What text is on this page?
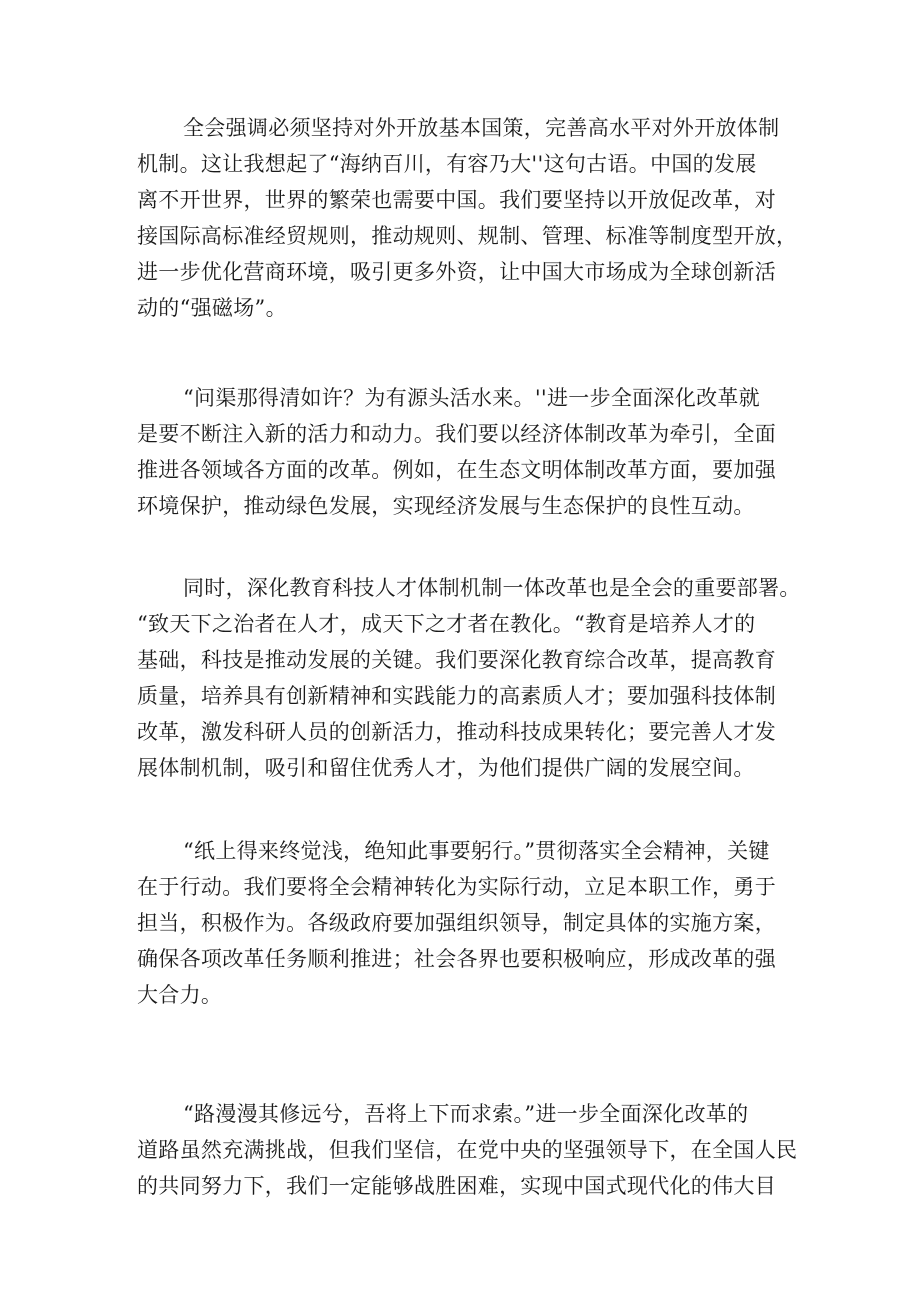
全会强调必须坚持对外开放基本国策，完善高水平对外开放体制
机制。这让我想起了“海纳百川，有容乃大''这句古语。中国的发展
离不开世界，世界的繁荣也需要中国。我们要坚持以开放促改革，对
接国际高标准经贸规则，推动规则、规制、管理、标准等制度型开放，
进一步优化营商环境，吸引更多外资，让中国大市场成为全球创新活
动的“强磁场”。
“问渠那得清如许？为有源头活水来。''进一步全面深化改革就
是要不断注入新的活力和动力。我们要以经济体制改革为牵引，全面
推进各领域各方面的改革。例如，在生态文明体制改革方面，要加强
环境保护，推动绿色发展，实现经济发展与生态保护的良性互动。
同时，深化教育科技人才体制机制一体改革也是全会的重要部署。
“致天下之治者在人才，成天下之才者在教化。“教育是培养人才的
基础，科技是推动发展的关键。我们要深化教育综合改革，提高教育
质量，培养具有创新精神和实践能力的高素质人才；要加强科技体制
改革，激发科研人员的创新活力，推动科技成果转化；要完善人才发
展体制机制，吸引和留住优秀人才，为他们提供广阔的发展空间。
“纸上得来终觉浅，绝知此事要躬行。”贯彻落实全会精神，关键
在于行动。我们要将全会精神转化为实际行动，立足本职工作，勇于
担当，积极作为。各级政府要加强组织领导，制定具体的实施方案，
确保各项改革任务顺利推进；社会各界也要积极响应，形成改革的强
大合力。
“路漫漫其修远兮，吾将上下而求索。”进一步全面深化改革的
道路虽然充满挑战，但我们坚信，在党中央的坚强领导下，在全国人民
的共同努力下，我们一定能够战胜困难，实现中国式现代化的伟大目
